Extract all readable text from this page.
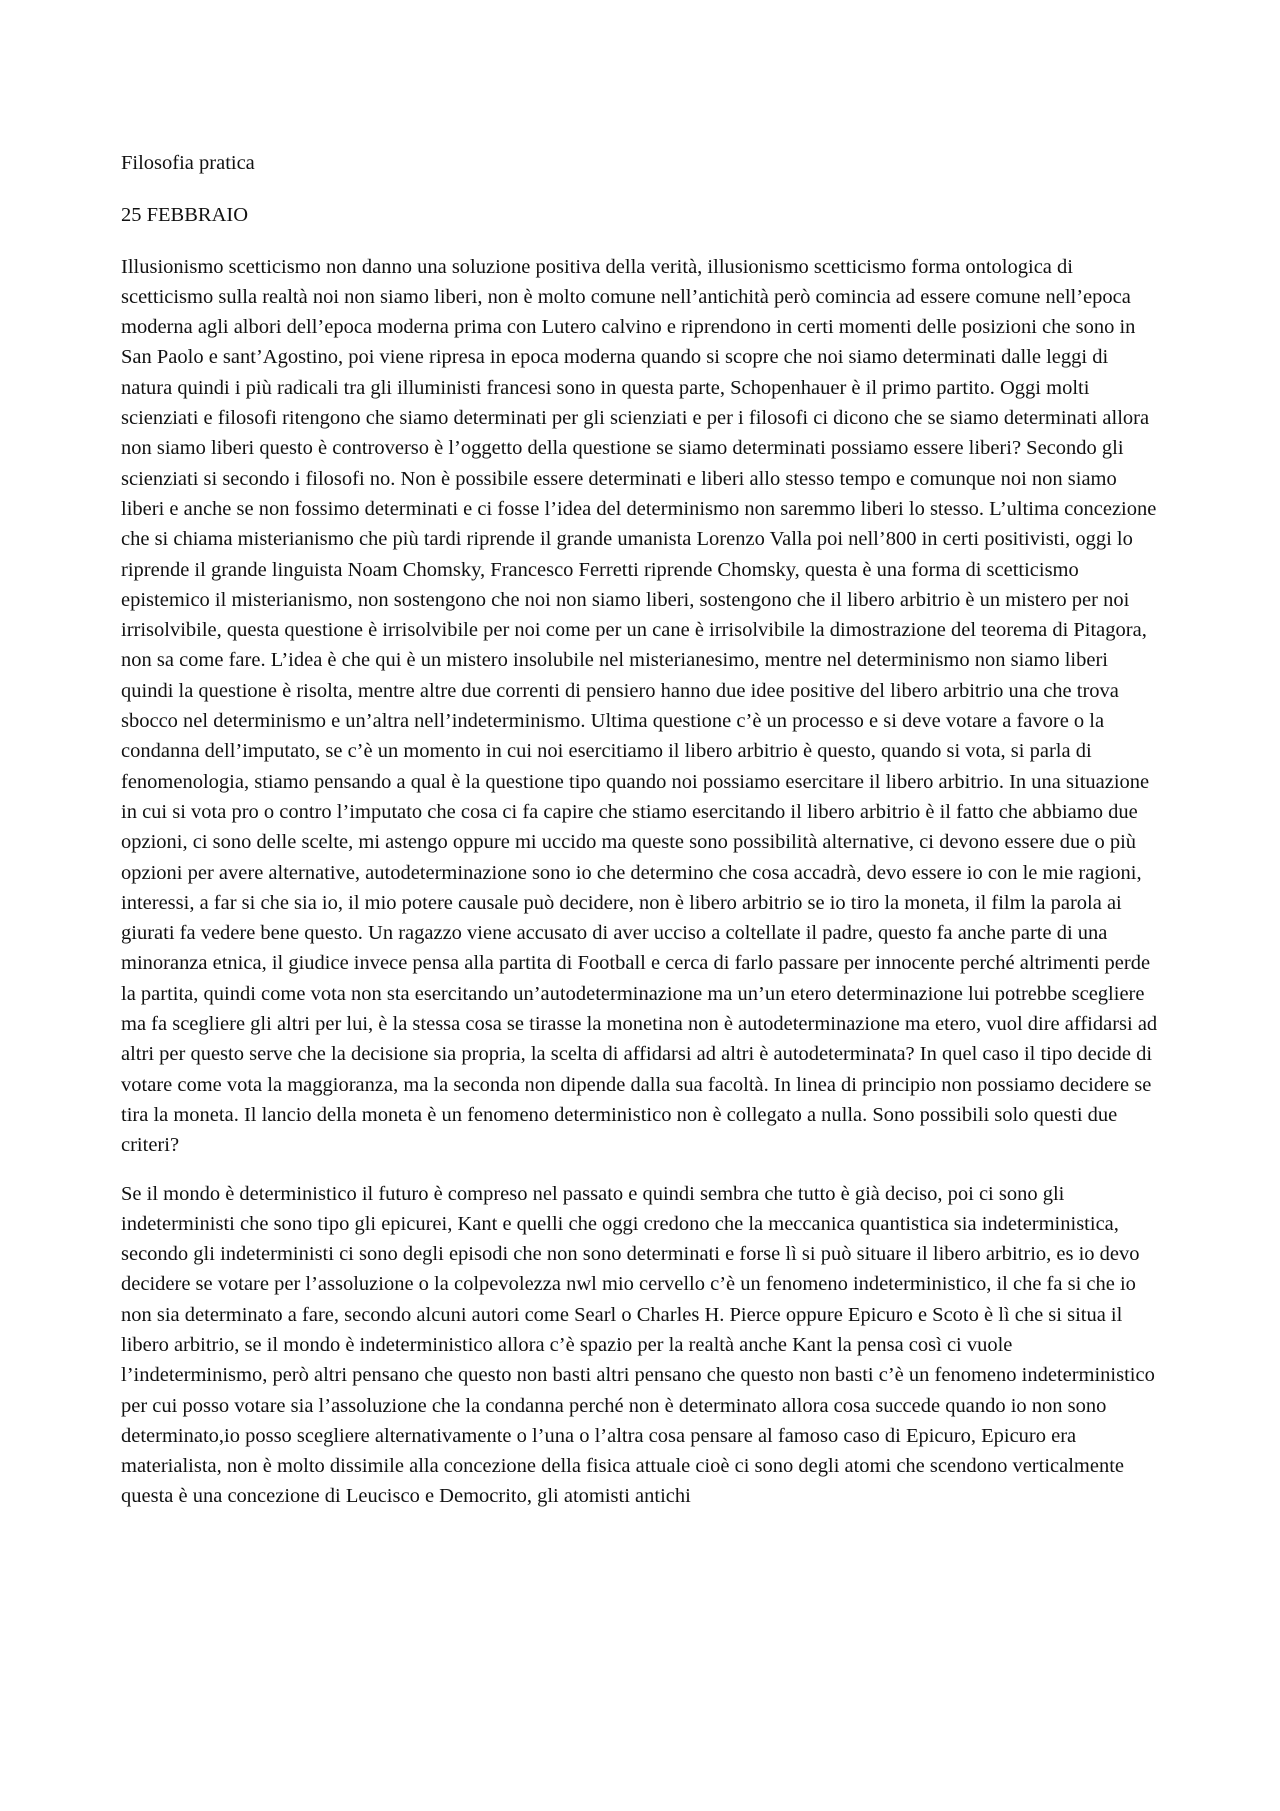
Filosofia pratica

25 FEBBRAIO

Illusionismo scetticismo non danno una soluzione positiva della verità, illusionismo scetticismo forma ontologica di scetticismo sulla realtà noi non siamo liberi, non è molto comune nell’antichità però comincia ad essere comune nell’epoca moderna agli albori dell’epoca moderna prima con Lutero calvino e riprendono in certi momenti delle posizioni che sono in San Paolo e sant’Agostino, poi viene ripresa in epoca moderna quando si scopre che noi siamo determinati dalle leggi di natura quindi i più radicali tra gli illuministi francesi sono in questa parte, Schopenhauer è il primo partito. Oggi molti scienziati e filosofi ritengono che siamo determinati per gli scienziati e per i filosofi ci dicono che se siamo determinati allora non siamo liberi questo è controverso è l’oggetto della questione se siamo determinati possiamo essere liberi? Secondo gli scienziati si secondo i filosofi no. Non è possibile essere determinati e liberi allo stesso tempo e comunque noi non siamo liberi e anche se non fossimo determinati e ci fosse l’idea del determinismo non saremmo liberi lo stesso. L’ultima concezione che si chiama misterianismo che più tardi riprende il grande umanista Lorenzo Valla poi nell’800 in certi positivisti, oggi lo riprende il grande linguista Noam Chomsky, Francesco Ferretti riprende Chomsky, questa è una forma di scetticismo epistemico il misterianismo, non sostengono che noi non siamo liberi, sostengono che il libero arbitrio è un mistero per noi irrisolvibile, questa questione è irrisolvibile per noi come per un cane è irrisolvibile la dimostrazione del teorema di Pitagora, non sa come fare. L’idea è che qui è un mistero insolubile nel misterianesimo, mentre nel determinismo non siamo liberi quindi la questione è risolta, mentre altre due correnti di pensiero hanno due idee positive del libero arbitrio una che trova sbocco nel determinismo e un’altra nell’indeterminismo. Ultima questione c’è un processo e si deve votare a favore o la condanna dell’imputato, se c’è un momento in cui noi esercitiamo il libero arbitrio è questo, quando si vota, si parla di fenomenologia, stiamo pensando a qual è la questione tipo quando noi possiamo esercitare il libero arbitrio. In una situazione in cui si vota pro o contro l’imputato che cosa ci fa capire che stiamo esercitando il libero arbitrio è il fatto che abbiamo due opzioni, ci sono delle scelte, mi astengo oppure mi uccido ma queste sono possibilità alternative, ci devono essere due o più opzioni per avere alternative, autodeterminazione sono io che determino che cosa accadrà, devo essere io con le mie ragioni, interessi, a far si che sia io, il mio potere causale può decidere, non è libero arbitrio se io tiro la moneta, il film la parola ai giurati fa vedere bene questo. Un ragazzo viene accusato di aver ucciso a coltellate il padre, questo fa anche parte di una minoranza etnica, il giudice invece pensa alla partita di Football e cerca di farlo passare per innocente perché altrimenti perde la partita, quindi come vota non sta esercitando un’autodeterminazione ma un’un etero determinazione lui potrebbe scegliere ma fa scegliere gli altri per lui, è la stessa cosa se tirasse la monetina non è autodeterminazione ma etero, vuol dire affidarsi ad altri per questo serve che la decisione sia propria, la scelta di affidarsi ad altri è autodeterminata? In quel caso il tipo decide di votare come vota la maggioranza, ma la seconda non dipende dalla sua facoltà. In linea di principio non possiamo decidere se tira la moneta. Il lancio della moneta è un fenomeno deterministico non è collegato a nulla. Sono possibili solo questi due criteri?

Se il mondo è deterministico il futuro è compreso nel passato e quindi sembra che tutto è già deciso, poi ci sono gli indeterministi che sono tipo gli epicurei, Kant e quelli che oggi credono che la meccanica quantistica sia indeterministica, secondo gli indeterministi ci sono degli episodi che non sono determinati e forse lì si può situare il libero arbitrio, es io devo decidere se votare per l’assoluzione o la colpevolezza nwl mio cervello c’è un fenomeno indeterministico, il che fa si che io non sia determinato a fare, secondo alcuni autori come Searl o Charles H. Pierce oppure Epicuro e Scoto è lì che si situa il libero arbitrio, se il mondo è indeterministico allora c’è spazio per la realtà anche Kant la pensa così ci vuole l’indeterminismo, però altri pensano che questo non basti altri pensano che questo non basti c’è un fenomeno indeterministico per cui posso votare sia l’assoluzione che la condanna perché non è determinato allora cosa succede quando io non sono determinato,io posso scegliere alternativamente o l’una o l’altra cosa pensare al famoso caso di Epicuro, Epicuro era materialista, non è molto dissimile alla concezione della fisica attuale cioè ci sono degli atomi che scendono verticalmente questa è una concezione di Leucisco e Democrito, gli atomisti antichi
